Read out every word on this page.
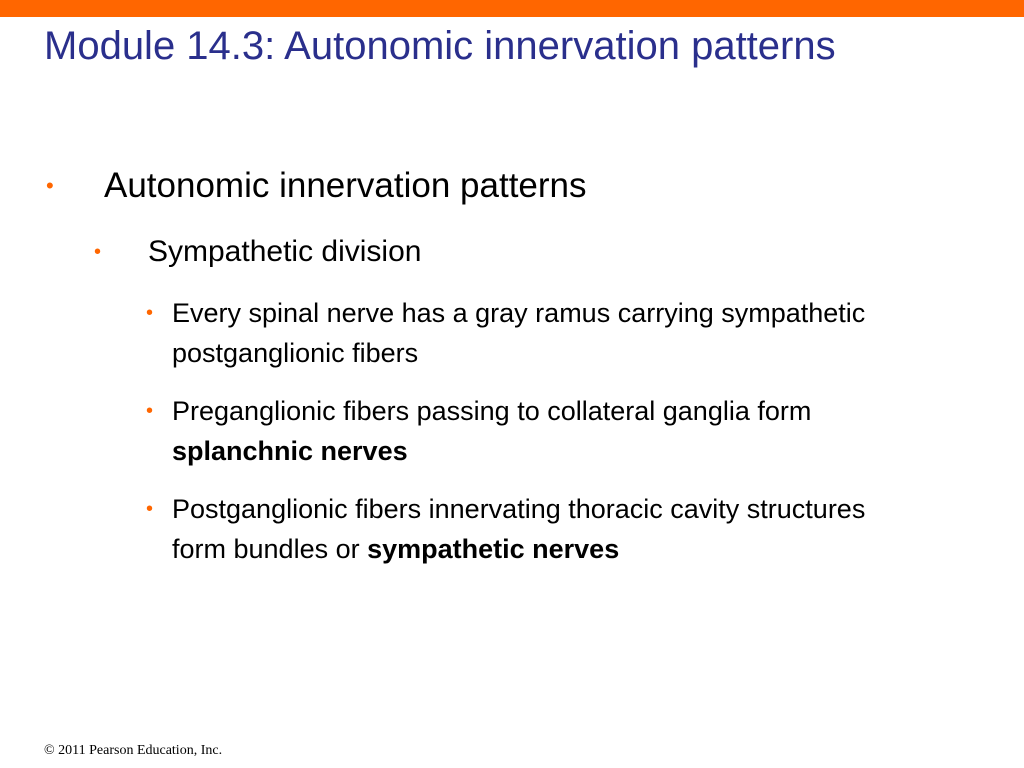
Module 14.3: Autonomic innervation patterns
•	Autonomic innervation patterns
•	Sympathetic division
• Every spinal nerve has a gray ramus carrying sympathetic postganglionic fibers
• Preganglionic fibers passing to collateral ganglia form splanchnic nerves
• Postganglionic fibers innervating thoracic cavity structures form bundles or sympathetic nerves
© 2011 Pearson Education, Inc.
